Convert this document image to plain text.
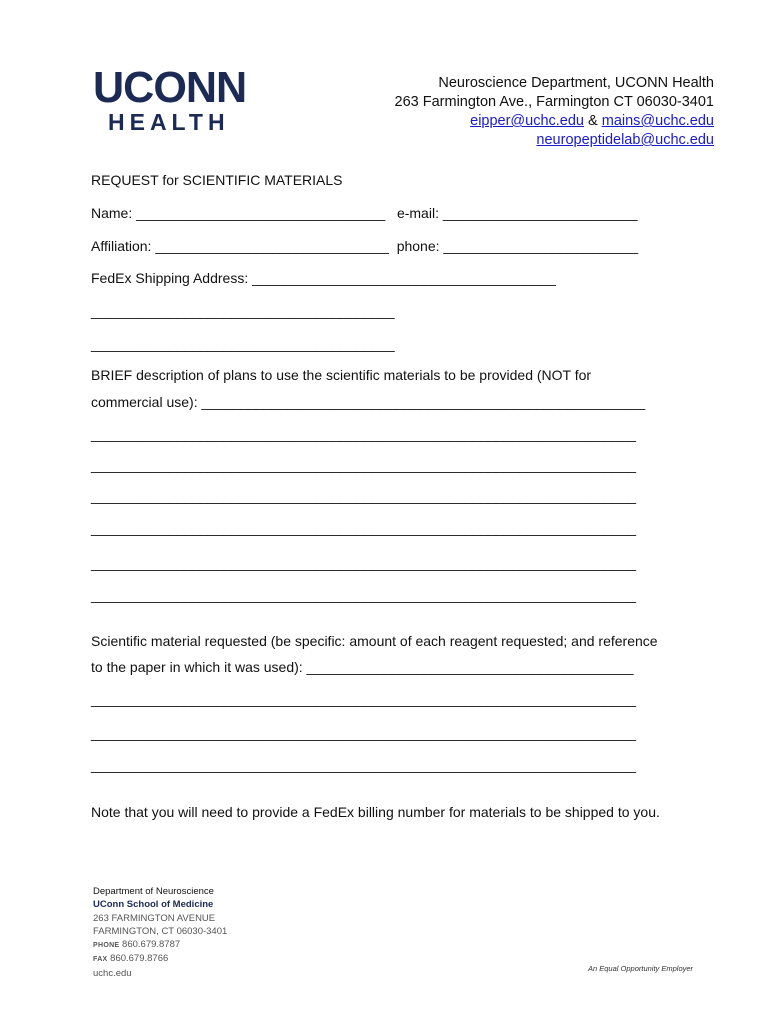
UCONN
HEALTH
Neuroscience Department, UCONN Health
263 Farmington Ave., Farmington CT 06030-3401
eipper@uchc.edu & mains@uchc.edu
neuropeptidelab@uchc.edu
REQUEST for SCIENTIFIC MATERIALS
Name: ________________________________   e-mail: _________________________
Affiliation: ______________________________  phone: _________________________
FedEx Shipping Address: _______________________________________
_______________________________________
_______________________________________
BRIEF description of plans to use the scientific materials to be provided (NOT for
commercial use): _________________________________________________________
______________________________________________________________________
______________________________________________________________________
______________________________________________________________________
______________________________________________________________________
______________________________________________________________________
______________________________________________________________________
Scientific material requested (be specific: amount of each reagent requested; and reference
to the paper in which it was used): __________________________________________
______________________________________________________________________
______________________________________________________________________
______________________________________________________________________
Note that you will need to provide a FedEx billing number for materials to be shipped to you.
Department of Neuroscience
UConn School of Medicine
263 FARMINGTON AVENUE
FARMINGTON, CT 06030-3401
PHONE 860.679.8787
FAX 860.679.8766
uchc.edu	An Equal Opportunity Employer
